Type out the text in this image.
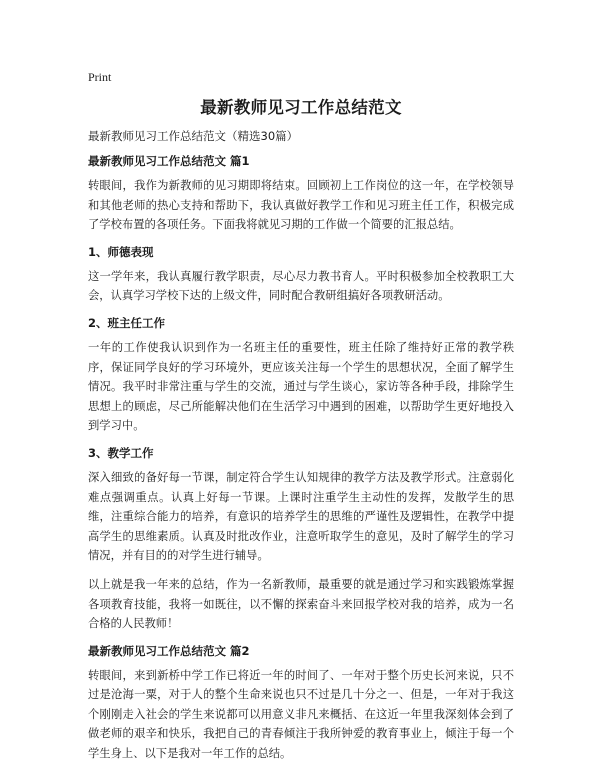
Print
最新教师见习工作总结范文
最新教师见习工作总结范文（精选30篇）
最新教师见习工作总结范文 篇1
转眼间，我作为新教师的见习期即将结束。回顾初上工作岗位的这一年，在学校领导和其他老师的热心支持和帮助下，我认真做好教学工作和见习班主任工作，积极完成了学校布置的各项任务。下面我将就见习期的工作做一个简要的汇报总结。
1、师德表现
这一学年来，我认真履行教学职责，尽心尽力教书育人。平时积极参加全校教职工大会，认真学习学校下达的上级文件，同时配合教研组搞好各项教研活动。
2、班主任工作
一年的工作使我认识到作为一名班主任的重要性，班主任除了维持好正常的教学秩序，保证同学良好的学习环境外，更应该关注每一个学生的思想状况，全面了解学生情况。我平时非常注重与学生的交流，通过与学生谈心，家访等各种手段，排除学生思想上的顾虑，尽己所能解决他们在生活学习中遇到的困难，以帮助学生更好地投入到学习中。
3、教学工作
深入细致的备好每一节课，制定符合学生认知规律的教学方法及教学形式。注意弱化难点强调重点。认真上好每一节课。上课时注重学生主动性的发挥，发散学生的思维，注重综合能力的培养，有意识的培养学生的思维的严谨性及逻辑性，在教学中提高学生的思维素质。认真及时批改作业，注意听取学生的意见，及时了解学生的学习情况，并有目的的对学生进行辅导。
以上就是我一年来的总结，作为一名新教师，最重要的就是通过学习和实践锻炼掌握各项教育技能，我将一如既往，以不懈的探索奋斗来回报学校对我的培养，成为一名合格的人民教师！
最新教师见习工作总结范文 篇2
转眼间，来到新桥中学工作已将近一年的时间了、一年对于整个历史长河来说，只不过是沧海一粟，对于人的整个生命来说也只不过是几十分之一、但是，一年对于我这个刚刚走入社会的学生来说都可以用意义非凡来概括、在这近一年里我深刻体会到了做老师的艰辛和快乐，我把自己的青春倾注于我所钟爱的教育事业上，倾注于每一个学生身上、以下是我对一年工作的总结。
